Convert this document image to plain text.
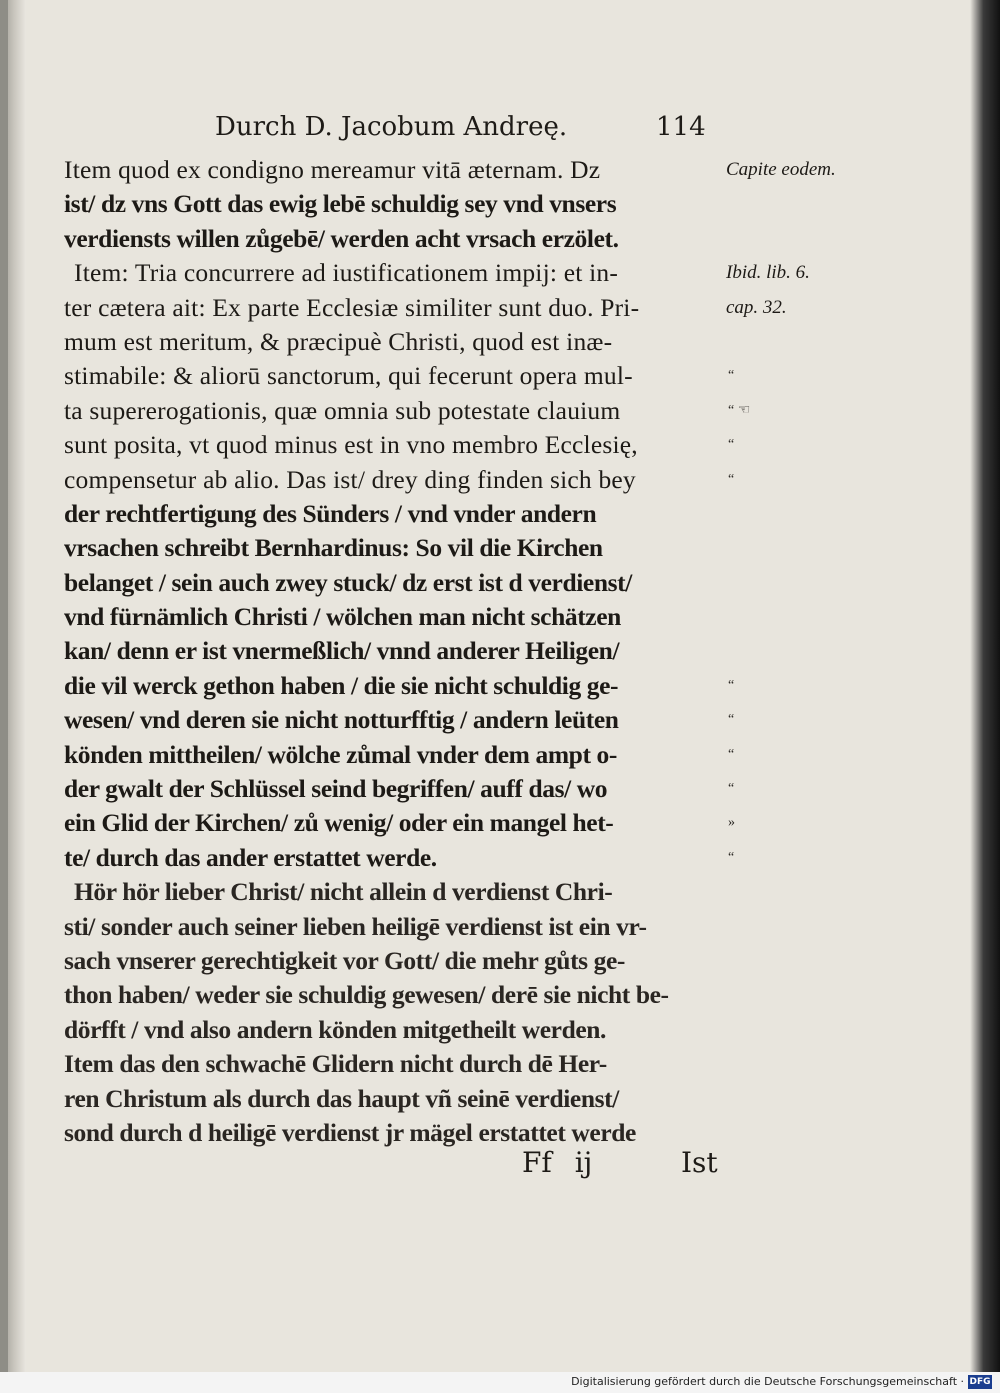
Durch D. Jacobum Andreę.	114
Item quod ex condigno mereamur vitā æternam. Dz
ist/ dz vns Gott das ewig lebē schuldig sey vnd vnsers
verdiensts willen zůgebē/ werden acht vrsach erzölet.
Item: Tria concurrere ad iustificationem impij: et in-
ter cætera ait: Ex parte Ecclesiæ similiter sunt duo. Pri-
mum est meritum, & præcipuè Christi, quod est inæ-
stimabile: & aliorū sanctorum, qui fecerunt opera mul-
ta supererogationis, quæ omnia sub potestate clauium
sunt posita, vt quod minus est in vno membro Ecclesię,
compensetur ab alio. Das ist/ drey ding finden sich bey
der rechtfertigung des Sünders / vnd vnder andern
vrsachen schreibt Bernhardinus: So vil die Kirchen
belanget / sein auch zwey stuck/ dz erst ist d verdienst/
vnd fürnämlich Christi / wölchen man nicht schätzen
kan/ denn er ist vnermeßlich/ vnnd anderer Heiligen/
die vil werck gethon haben / die sie nicht schuldig ge-
wesen/ vnd deren sie nicht notturfftig / andern leüten
könden mittheilen/ wölche zůmal vnder dem ampt o-
der gwalt der Schlüssel seind begriffen/ auff das/ wo
ein Glid der Kirchen/ zů wenig/ oder ein mangel het-
te/ durch das ander erstattet werde.
Hör hör lieber Christ/ nicht allein d verdienst Chri-
sti/ sonder auch seiner lieben heiligē verdienst ist ein vr-
sach vnserer gerechtigkeit vor Gott/ die mehr gůts ge-
thon haben/ weder sie schuldig gewesen/ derē sie nicht be-
dörfft / vnd also andern könden mitgetheilt werden.
Item das den schwachē Glidern nicht durch dē Her-
ren Christum als durch das haupt vñ seinē verdienst/
sond durch d heiligē verdienst jr mägel erstattet werde
Capite eodem.
Ibid. lib. 6.
cap. 32.
“
“ ☜
“
“
“
“
“
“
»
“
Ff ij	Ist
Digitalisierung gefördert durch die Deutsche Forschungsgemeinschaft · DFG
